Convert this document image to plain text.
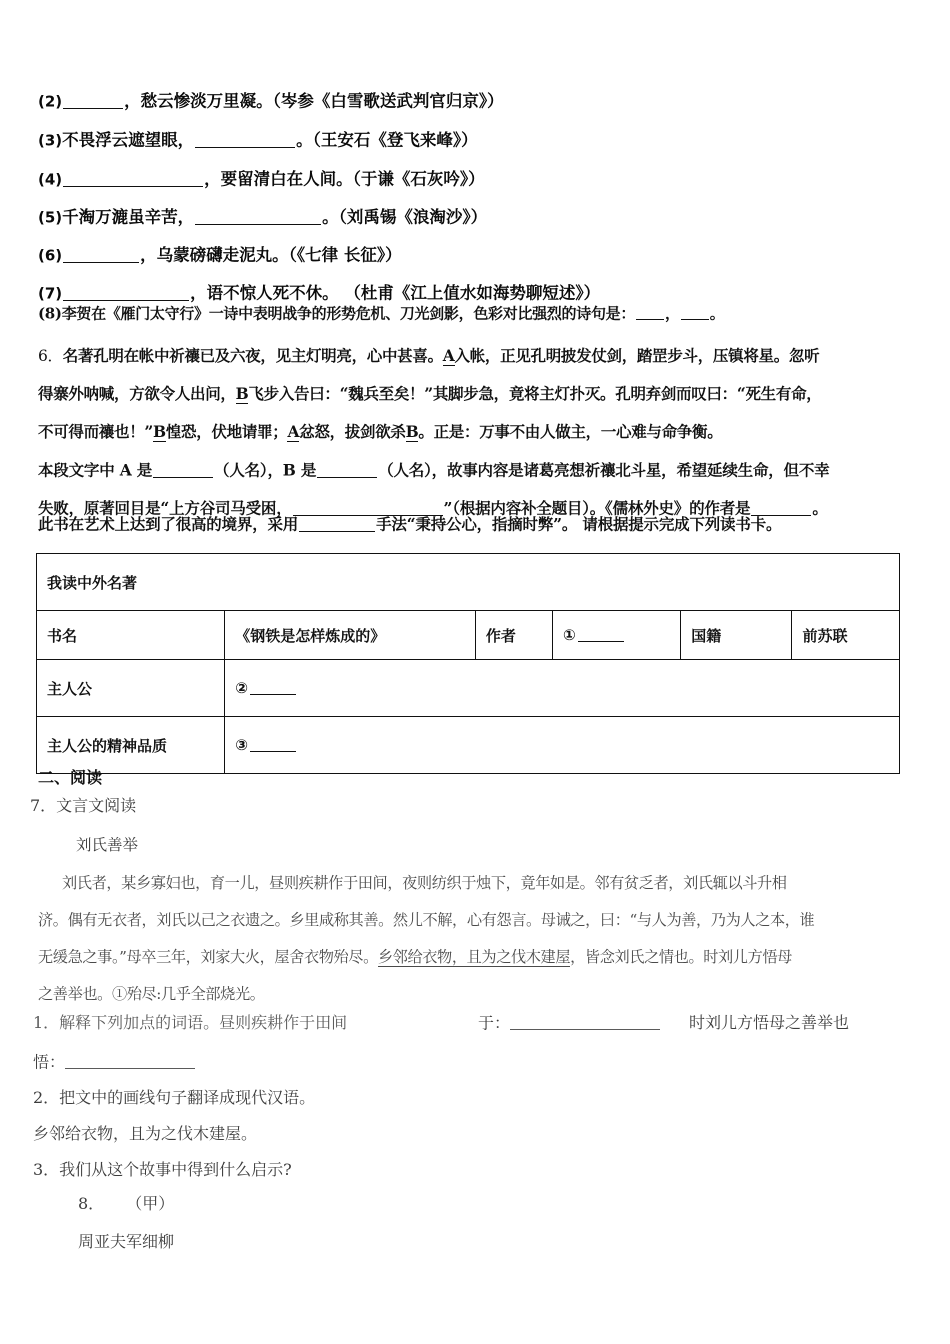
(2)	，愁云惨淡万里凝。（岑参《白雪歌送武判官归京》）
(3)不畏浮云遮望眼，	。（王安石《登飞来峰》）
(4)	，要留清白在人间。（于谦《石灰吟》）
(5)千淘万漉虽辛苦，	。（刘禹锡《浪淘沙》）
(6)	，乌蒙磅礴走泥丸。（《七律 长征》）
(7)	，语不惊人死不休。 （杜甫《江上值水如海势聊短述》）
(8)李贺在《雁门太守行》一诗中表明战争的形势危机、刀光剑影，色彩对比强烈的诗句是： ， 。
6．名著孔明在帐中祈禳已及六夜，见主灯明亮，心中甚喜。A入帐，正见孔明披发仗剑，踏罡步斗，压镇将星。忽听
得寨外呐喊，方欲令人出问，B飞步入告曰：“魏兵至矣！”其脚步急，竟将主灯扑灭。孔明弃剑而叹曰：“死生有命，
不可得而禳也！”B惶恐，伏地请罪；A忿怒，拔剑欲杀B。正是：万事不由人做主，一心难与命争衡。
本段文字中 A 是	（人名），B 是	（人名），故事内容是诸葛亮想祈禳北斗星，希望延续生命，但不幸
失败，原著回目是“上方谷司马受困，	”（根据内容补全题目）。《儒林外史》的作者是	。
此书在艺术上达到了很高的境界，采用	手法“秉持公心，指摘时弊”。 请根据提示完成下列读书卡。
我读中外名著					
书名	《钢铁是怎样炼成的》	作者	①	国籍	前苏联
主人公	②				
主人公的精神品质	③				
二、阅读
7．文言文阅读
刘氏善举
刘氏者，某乡寡妇也，育一儿，昼则疾耕作于田间，夜则纺织于烛下，竟年如是。邻有贫乏者，刘氏辄以斗升相
济。偶有无衣者，刘氏以己之衣遗之。乡里咸称其善。然儿不解，心有怨言。母诫之，曰：“与人为善，乃为人之本，谁
无缓急之事。”母卒三年，刘家大火，屋舍衣物殆尽。乡邻给衣物，且为之伐木建屋，皆念刘氏之情也。时刘儿方悟母
之善举也。①殆尽:几乎全部烧光。
1．解释下列加点的词语。昼则疾耕作于田间	于：	时刘儿方悟母之善举也
悟：
2．把文中的画线句子翻译成现代汉语。
乡邻给衣物，且为之伐木建屋。
3．我们从这个故事中得到什么启示?
8． （甲）
周亚夫军细柳
